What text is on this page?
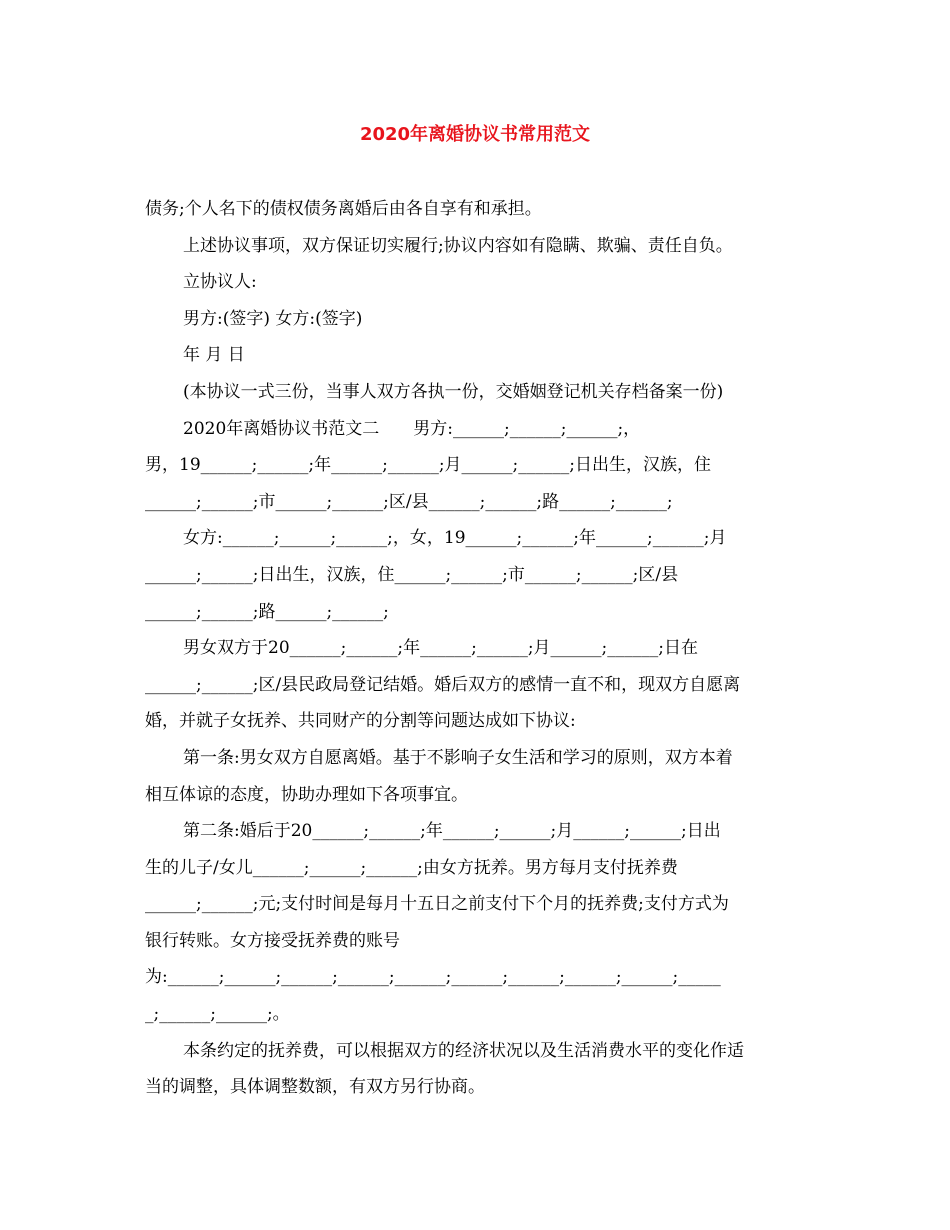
2020年离婚协议书常用范文

债务;个人名下的债权债务离婚后由各自享有和承担。

上述协议事项，双方保证切实履行;协议内容如有隐瞒、欺骗、责任自负。

立协议人:

男方:(签字) 女方:(签字)

年 月 日

(本协议一式三份，当事人双方各执一份，交婚姻登记机关存档备案一份)

2020年离婚协议书范文二　　男方:______;______;______;，

男，19______;______;年______;______;月______;______;日出生，汉族，住

______;______;市______;______;区/县______;______;路______;______;

女方:______;______;______;，女，19______;______;年______;______;月

______;______;日出生，汉族，住______;______;市______;______;区/县

______;______;路______;______;

男女双方于20______;______;年______;______;月______;______;日在

______;______;区/县民政局登记结婚。婚后双方的感情一直不和，现双方自愿离

婚，并就子女抚养、共同财产的分割等问题达成如下协议:

第一条:男女双方自愿离婚。基于不影响子女生活和学习的原则，双方本着

相互体谅的态度，协助办理如下各项事宜。

第二条:婚后于20______;______;年______;______;月______;______;日出

生的儿子/女儿______;______;______;由女方抚养。男方每月支付抚养费

______;______;元;支付时间是每月十五日之前支付下个月的抚养费;支付方式为

银行转账。女方接受抚养费的账号

为:______;______;______;______;______;______;______;______;______;_____

_;______;______;。

本条约定的抚养费，可以根据双方的经济状况以及生活消费水平的变化作适

当的调整，具体调整数额，有双方另行协商。
